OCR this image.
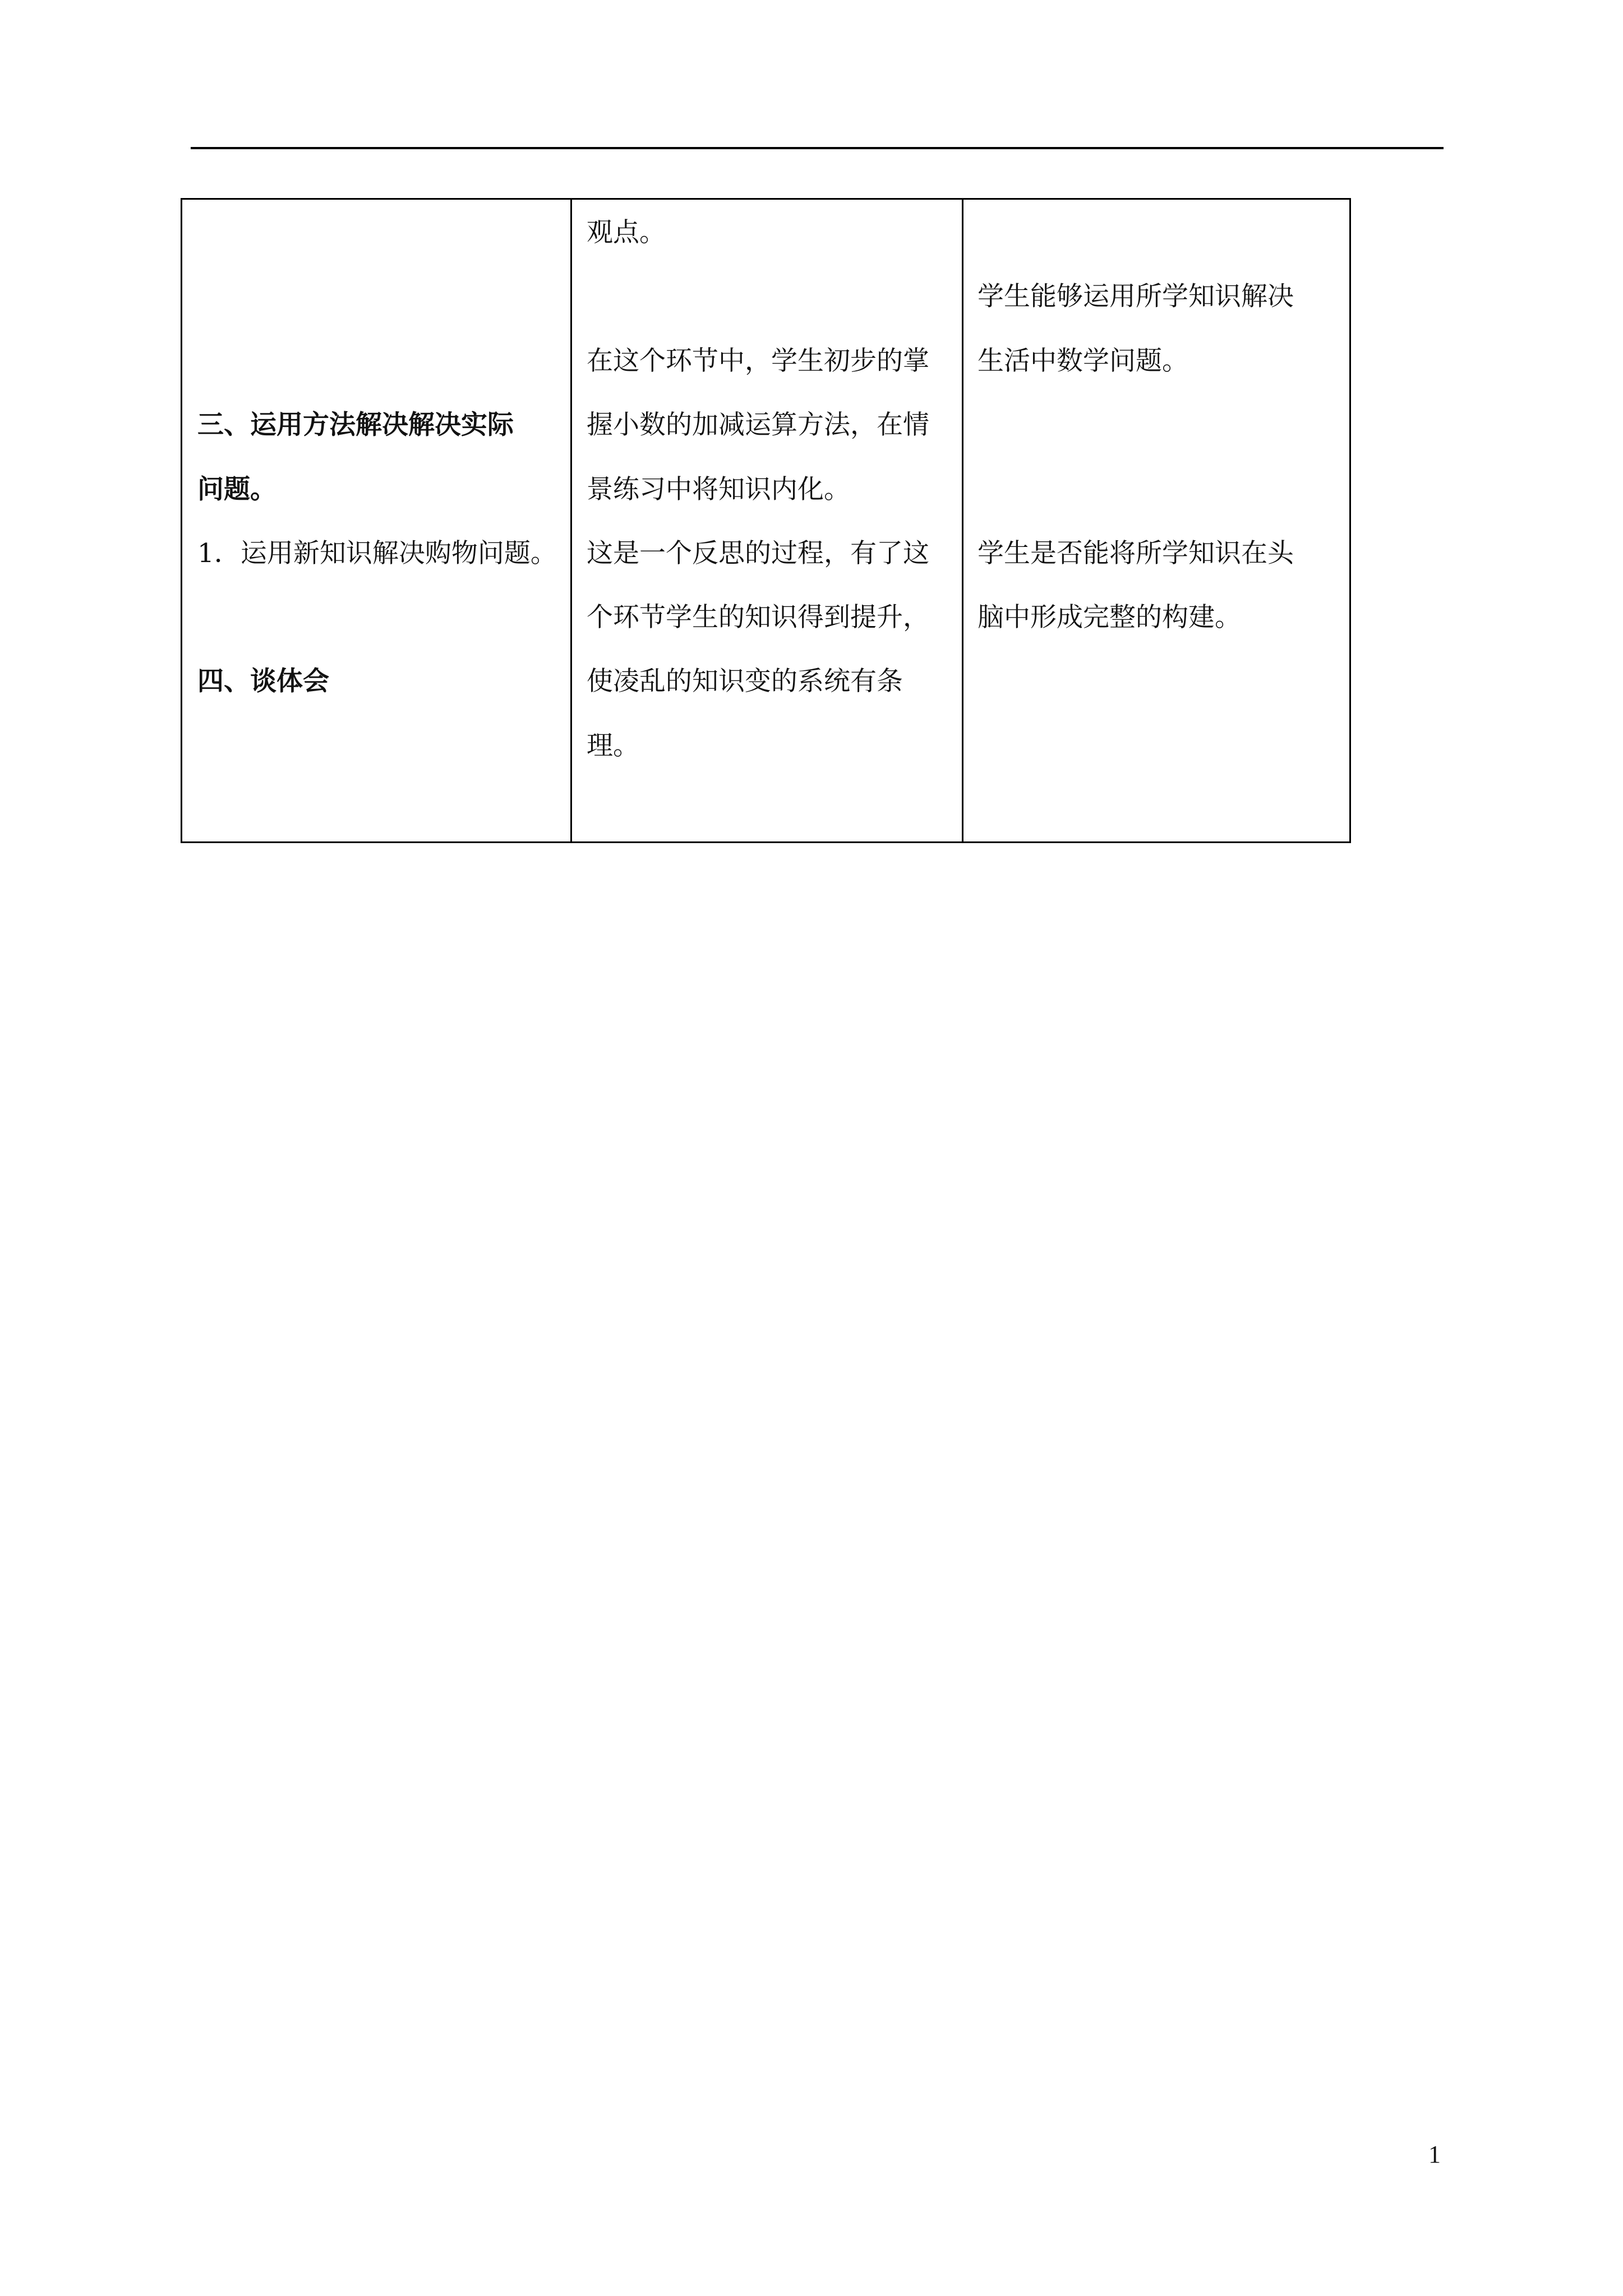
三、运用方法解决解决实际
问题。
1．运用新知识解决购物问题。
四、谈体会
观点。
在这个环节中，学生初步的掌
握小数的加减运算方法，在情
景练习中将知识内化。
这是一个反思的过程，有了这
个环节学生的知识得到提升，
使凌乱的知识变的系统有条
理。
学生能够运用所学知识解决
生活中数学问题。
学生是否能将所学知识在头
脑中形成完整的构建。
1
